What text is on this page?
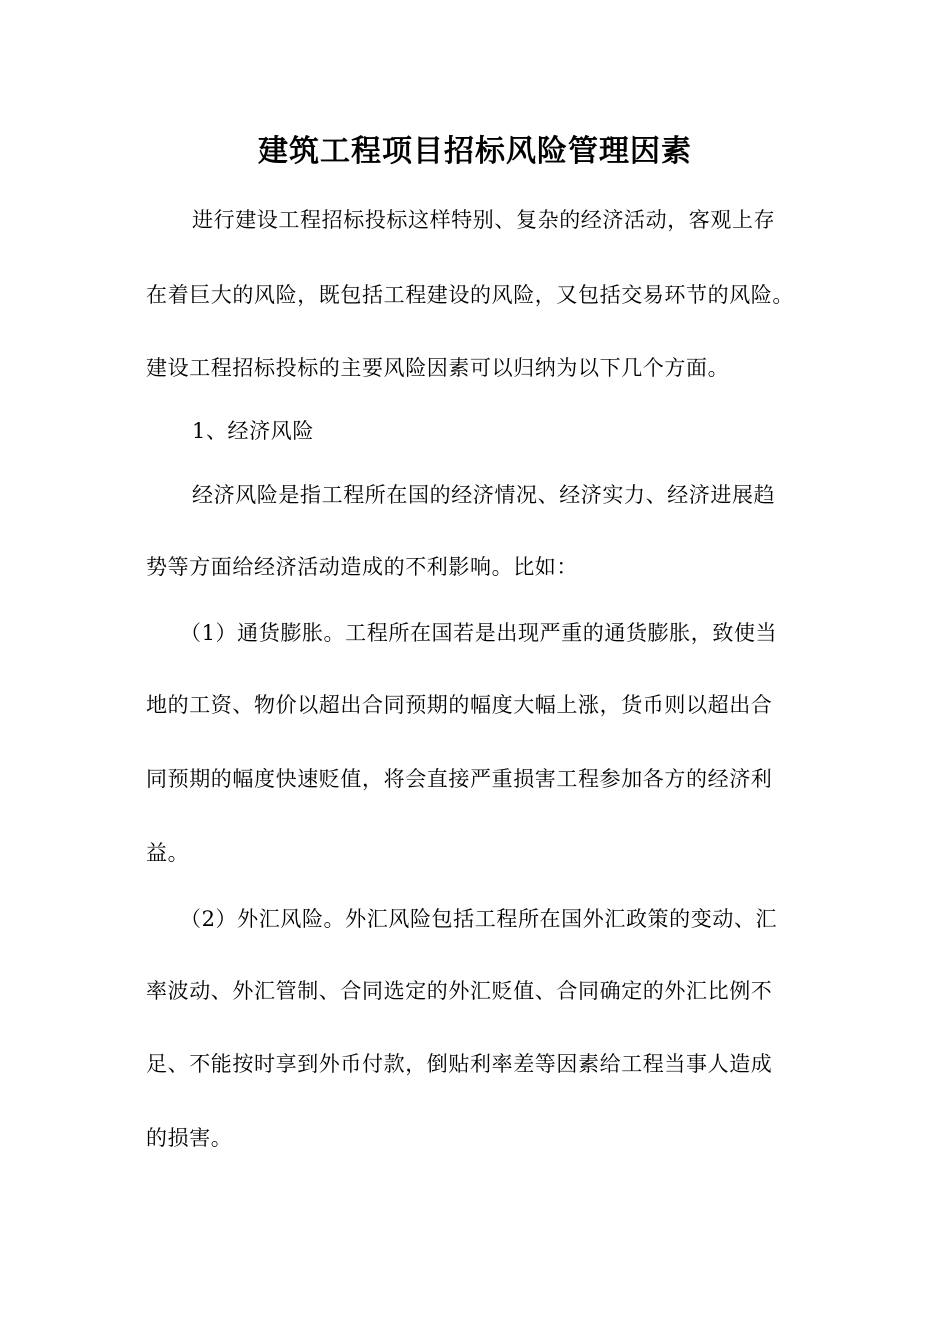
建筑工程项目招标风险管理因素
进行建设工程招标投标这样特别、复杂的经济活动，客观上存
在着巨大的风险，既包括工程建设的风险，又包括交易环节的风险。
建设工程招标投标的主要风险因素可以归纳为以下几个方面。
1、经济风险
经济风险是指工程所在国的经济情况、经济实力、经济进展趋
势等方面给经济活动造成的不利影响。比如：
（1）通货膨胀。工程所在国若是出现严重的通货膨胀，致使当
地的工资、物价以超出合同预期的幅度大幅上涨，货币则以超出合
同预期的幅度快速贬值，将会直接严重损害工程参加各方的经济利
益。
（2）外汇风险。外汇风险包括工程所在国外汇政策的变动、汇
率波动、外汇管制、合同选定的外汇贬值、合同确定的外汇比例不
足、不能按时享到外币付款，倒贴利率差等因素给工程当事人造成
的损害。
